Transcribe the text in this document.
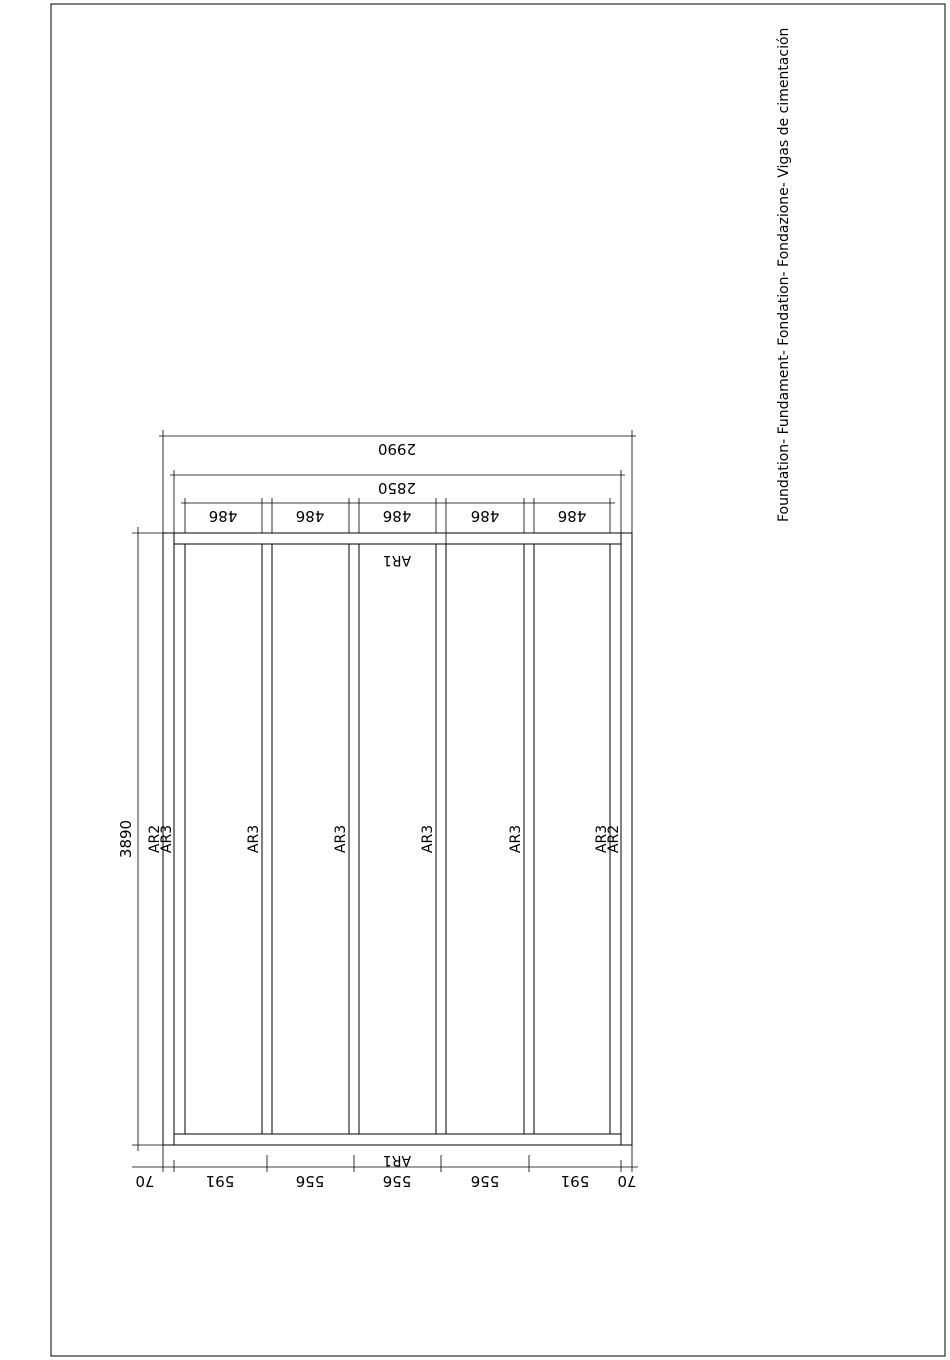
Foundation- Fundament- Fondation- Fondazione- Vigas de cimentación
AR1
AR1
AR2
AR3	AR3	AR3	AR3	AR3	AR3
AR2
2990
2850
486	486	486	486	486
3890
70	591	556	556	556	591 70
